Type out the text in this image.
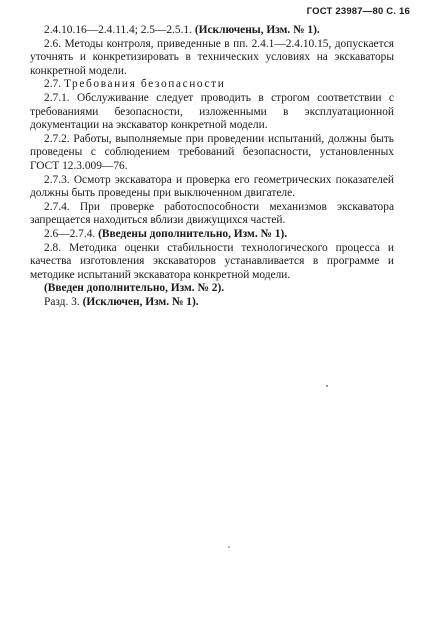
ГОСТ 23987—80 С. 16

2.4.10.16—2.4.11.4; 2.5—2.5.1. (Исключены, Изм. № 1).

2.6. Методы контроля, приведенные в пп. 2.4.1—2.4.10.15, допускается уточнять и конкретизировать в технических условиях на экскаваторы конкретной модели.

2.7. Требования безопасности

2.7.1. Обслуживание следует проводить в строгом соответствии с требованиями безопасности, изложенными в эксплуатационной документации на экскаватор конкретной модели.

2.7.2. Работы, выполняемые при проведении испытаний, должны быть проведены с соблюдением требований безопасности, установленных ГОСТ 12.3.009—76.

2.7.3. Осмотр экскаватора и проверка его геометрических показателей должны быть проведены при выключенном двигателе.

2.7.4. При проверке работоспособности механизмов экскаватора запрещается находиться вблизи движущихся частей.

2.6—2.7.4. (Введены дополнительно, Изм. № 1).

2.8. Методика оценки стабильности технологического процесса и качества изготовления экскаваторов устанавливается в программе и методике испытаний экскаватора конкретной модели.

(Введен дополнительно, Изм. № 2).

Разд. 3. (Исключен, Изм. № 1).
